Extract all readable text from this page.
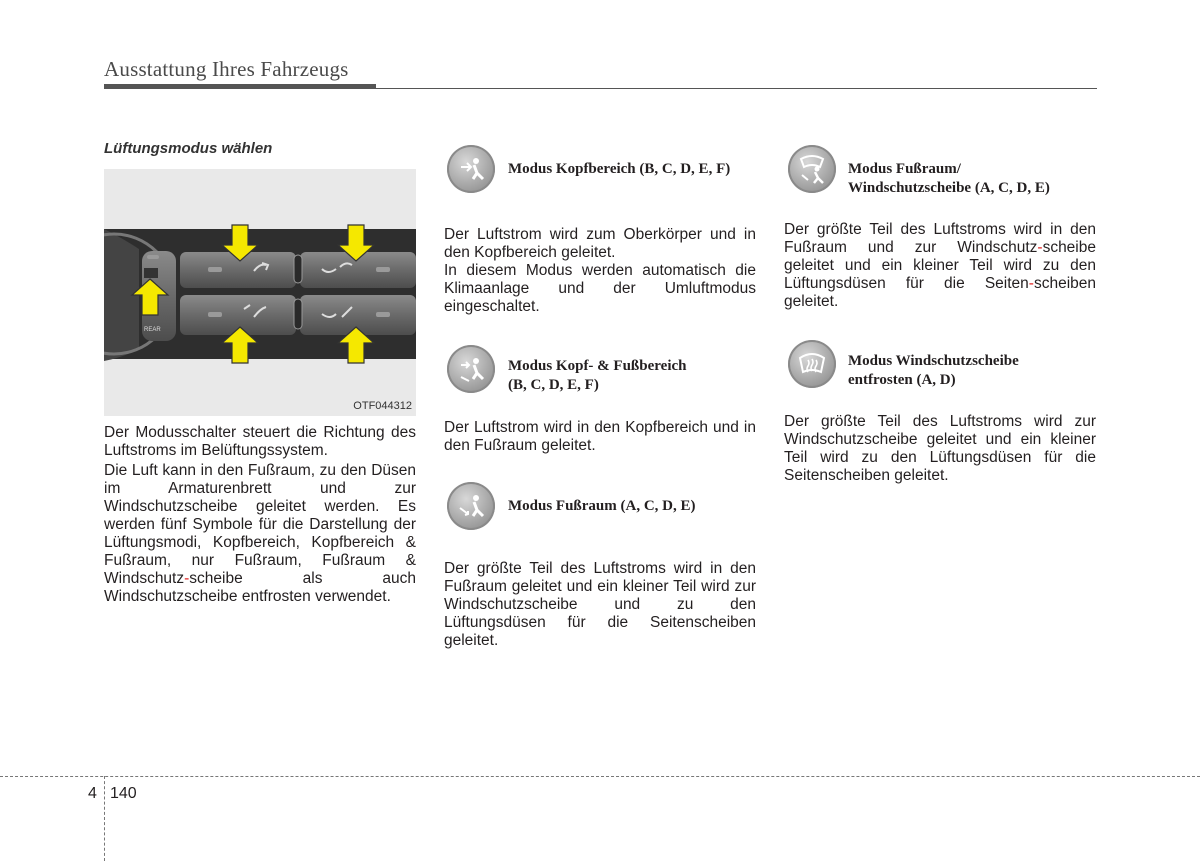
Ausstattung Ihres Fahrzeugs
Lüftungsmodus wählen
REAR
OTF044312
Der Modusschalter steuert die Richtung des Luftstroms im Belüftungssystem.
Die Luft kann in den Fußraum, zu den Düsen im Armaturenbrett und zur Windschutzscheibe geleitet werden. Es werden fünf Symbole für die Darstellung der Lüftungsmodi, Kopfbereich, Kopfbereich & Fußraum, nur Fußraum, Fußraum & Windschutz-scheibe als auch Windschutzscheibe entfrosten verwendet.
Modus Kopfbereich (B, C, D, E, F)
Der Luftstrom wird zum Oberkörper und in den Kopfbereich geleitet.
In diesem Modus werden automatisch die Klimaanlage und der Umluftmodus eingeschaltet.
Modus Kopf- & Fußbereich
(B, C, D, E, F)
Der Luftstrom wird in den Kopfbereich und in den Fußraum geleitet.
Modus Fußraum (A, C, D, E)
Der größte Teil des Luftstroms wird in den Fußraum geleitet und ein kleiner Teil wird zur Windschutzscheibe und zu den Lüftungsdüsen für die Seitenscheiben geleitet.
Modus Fußraum/
Windschutzscheibe (A, C, D, E)
Der größte Teil des Luftstroms wird in den Fußraum und zur Windschutz-scheibe geleitet und ein kleiner Teil wird zu den Lüftungsdüsen für die Seiten-scheiben geleitet.
Modus Windschutzscheibe
entfrosten (A, D)
Der größte Teil des Luftstroms wird zur Windschutzscheibe geleitet und ein kleiner Teil wird zu den Lüftungsdüsen für die Seitenscheiben geleitet.
4 140
